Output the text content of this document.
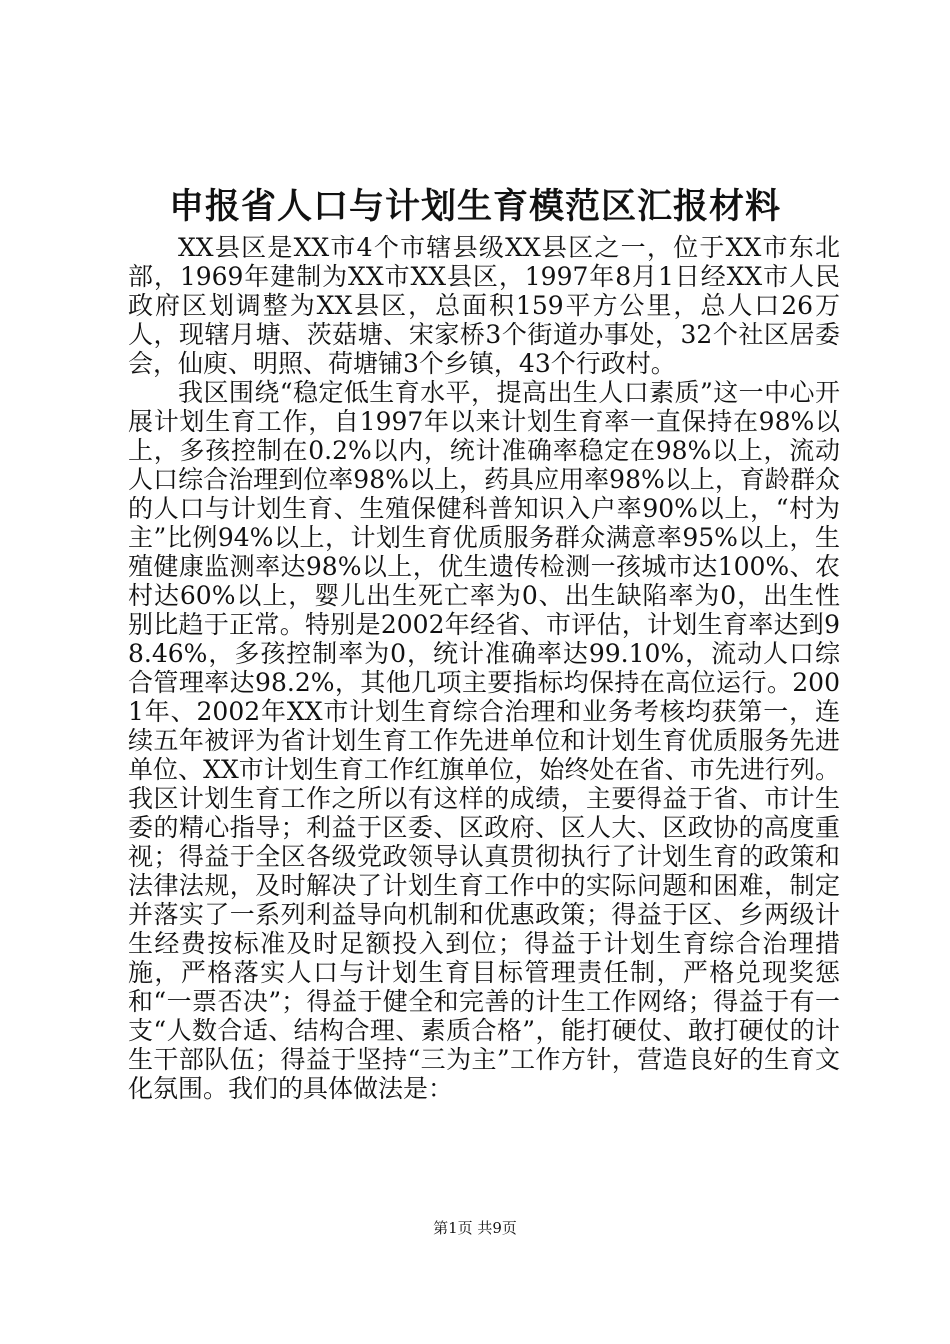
申报省人口与计划生育模范区汇报材料

XX县区是XX市4个市辖县级XX县区之一，位于XX市东北部，1969年建制为XX市XX县区，1997年8月1日经XX市人民政府区划调整为XX县区，总面积159平方公里，总人口26万人，现辖月塘、茨菇塘、宋家桥3个街道办事处，32个社区居委会，仙庾、明照、荷塘铺3个乡镇，43个行政村。

我区围绕“稳定低生育水平，提高出生人口素质”这一中心开展计划生育工作，自1997年以来计划生育率一直保持在98%以上，多孩控制在0.2%以内，统计准确率稳定在98%以上，流动人口综合治理到位率98%以上，药具应用率98%以上，育龄群众的人口与计划生育、生殖保健科普知识入户率90%以上，“村为主”比例94%以上，计划生育优质服务群众满意率95%以上，生殖健康监测率达98%以上，优生遗传检测一孩城市达100%、农村达60%以上，婴儿出生死亡率为0、出生缺陷率为0，出生性别比趋于正常。特别是2002年经省、市评估，计划生育率达到98.46%，多孩控制率为0，统计准确率达99.10%，流动人口综合管理率达98.2%，其他几项主要指标均保持在高位运行。2001年、2002年XX市计划生育综合治理和业务考核均获第一，连续五年被评为省计划生育工作先进单位和计划生育优质服务先进单位、XX市计划生育工作红旗单位，始终处在省、市先进行列。我区计划生育工作之所以有这样的成绩，主要得益于省、市计生委的精心指导；利益于区委、区政府、区人大、区政协的高度重视；得益于全区各级党政领导认真贯彻执行了计划生育的政策和法律法规，及时解决了计划生育工作中的实际问题和困难，制定并落实了一系列利益导向机制和优惠政策；得益于区、乡两级计生经费按标准及时足额投入到位；得益于计划生育综合治理措施，严格落实人口与计划生育目标管理责任制，严格兑现奖惩和“一票否决”；得益于健全和完善的计生工作网络；得益于有一支“人数合适、结构合理、素质合格”，能打硬仗、敢打硬仗的计生干部队伍；得益于坚持“三为主”工作方针，营造良好的生育文化氛围。我们的具体做法是：

第1页 共9页
